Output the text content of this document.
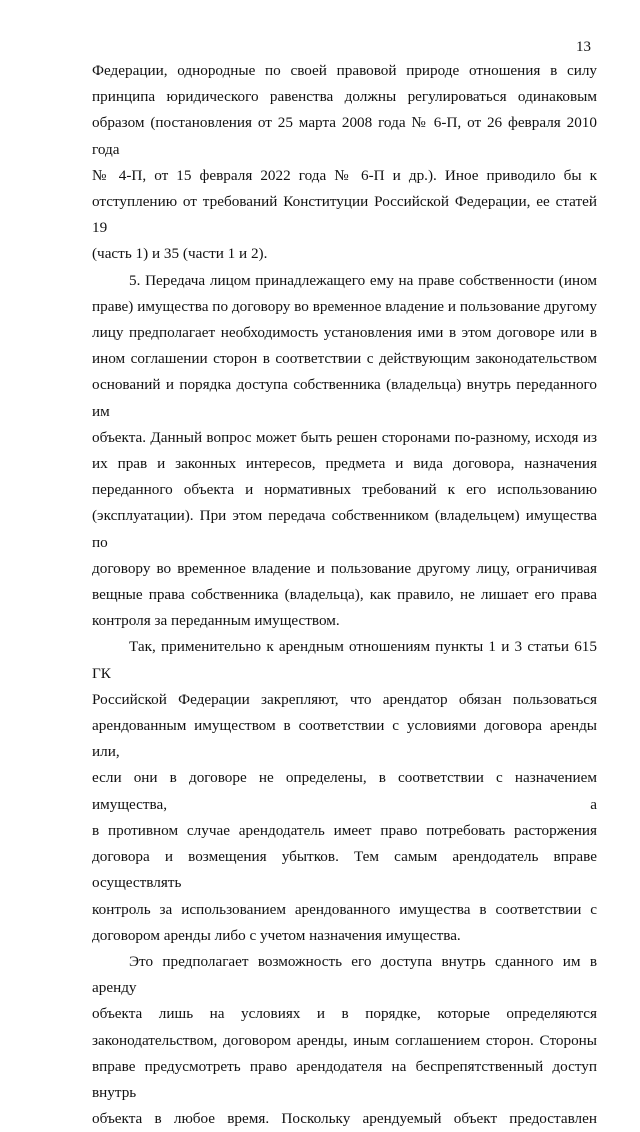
13

Федерации, однородные по своей правовой природе отношения в силу

принципа юридического равенства должны регулироваться одинаковым

образом (постановления от 25 марта 2008 года № 6-П, от 26 февраля 2010 года

№ 4-П, от 15 февраля 2022 года № 6-П и др.). Иное приводило бы к

отступлению от требований Конституции Российской Федерации, ее статей 19

(часть 1) и 35 (части 1 и 2).

5. Передача лицом принадлежащего ему на праве собственности (ином

праве) имущества по договору во временное владение и пользование другому

лицу предполагает необходимость установления ими в этом договоре или в

ином соглашении сторон в соответствии с действующим законодательством

оснований и порядка доступа собственника (владельца) внутрь переданного им

объекта. Данный вопрос может быть решен сторонами по-разному, исходя из

их прав и законных интересов, предмета и вида договора, назначения

переданного объекта и нормативных требований к его использованию

(эксплуатации). При этом передача собственником (владельцем) имущества по

договору во временное владение и пользование другому лицу, ограничивая

вещные права собственника (владельца), как правило, не лишает его права

контроля за переданным имуществом.

Так, применительно к арендным отношениям пункты 1 и 3 статьи 615 ГК

Российской Федерации закрепляют, что арендатор обязан пользоваться

арендованным имуществом в соответствии с условиями договора аренды или,

если они в договоре не определены, в соответствии с назначением имущества, а

в противном случае арендодатель имеет право потребовать расторжения

договора и возмещения убытков. Тем самым арендодатель вправе осуществлять

контроль за использованием арендованного имущества в соответствии с

договором аренды либо с учетом назначения имущества.

Это предполагает возможность его доступа внутрь сданного им в аренду

объекта лишь на условиях и в порядке, которые определяются

законодательством, договором аренды, иным соглашением сторон. Стороны

вправе предусмотреть право арендодателя на беспрепятственный доступ внутрь

объекта в любое время. Поскольку арендуемый объект предоставлен
